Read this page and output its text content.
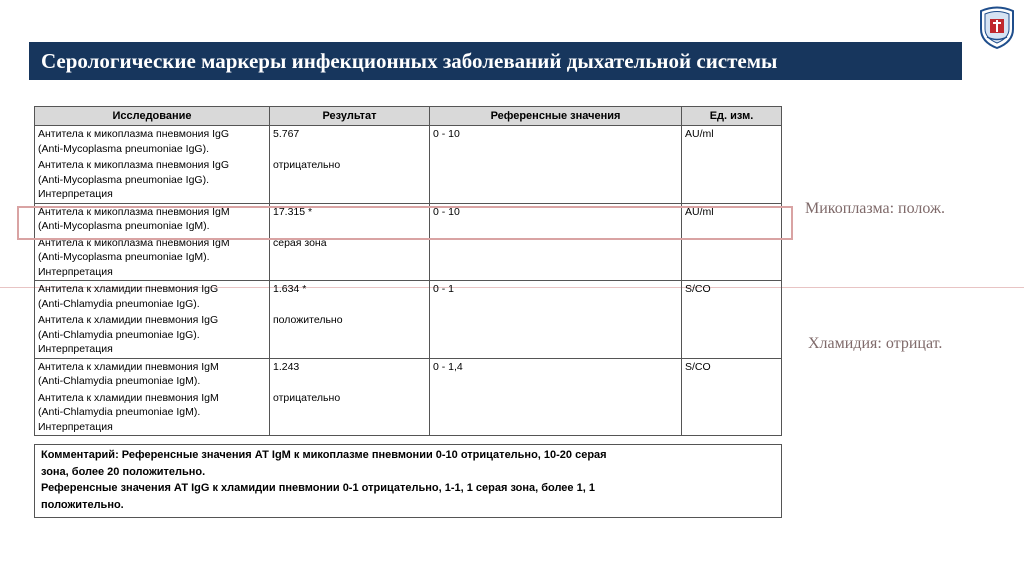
Серологические маркеры инфекционных заболеваний дыхательной системы
Исследование	Результат	Референсные значения	Ед. изм.
Антитела к микоплазма пневмония IgG
(Anti-Mycoplasma pneumoniae IgG).	5.767	0 - 10	AU/ml
Антитела к микоплазма пневмония IgG
(Anti-Mycoplasma pneumoniae IgG).
Интерпретация	отрицательно		
Антитела к микоплазма пневмония IgM
(Anti-Mycoplasma pneumoniae IgM).	17.315 *	0 - 10	AU/ml
Антитела к микоплазма пневмония IgM
(Anti-Mycoplasma pneumoniae IgM).
Интерпретация	серая зона		
Антитела к хламидии пневмония IgG
(Anti-Chlamydia pneumoniae IgG).	1.634 *	0 - 1	S/CO
Антитела к хламидии пневмония IgG
(Anti-Chlamydia pneumoniae IgG).
Интерпретация	положительно		
Антитела к хламидии пневмония IgM
(Anti-Chlamydia pneumoniae IgM).	1.243	0 - 1,4	S/CO
Антитела к хламидии пневмония IgM
(Anti-Chlamydia pneumoniae IgM).
Интерпретация	отрицательно		
Комментарий: Референсные значения АТ IgM к микоплазме пневмонии 0-10 отрицательно, 10-20 серая
зона, более 20 положительно.
Референсные значения АТ IgG к хламидии пневмонии 0-1 отрицательно, 1-1, 1 серая зона, более 1, 1
положительно.
Микоплазма: полож.
Хламидия: отрицат.
